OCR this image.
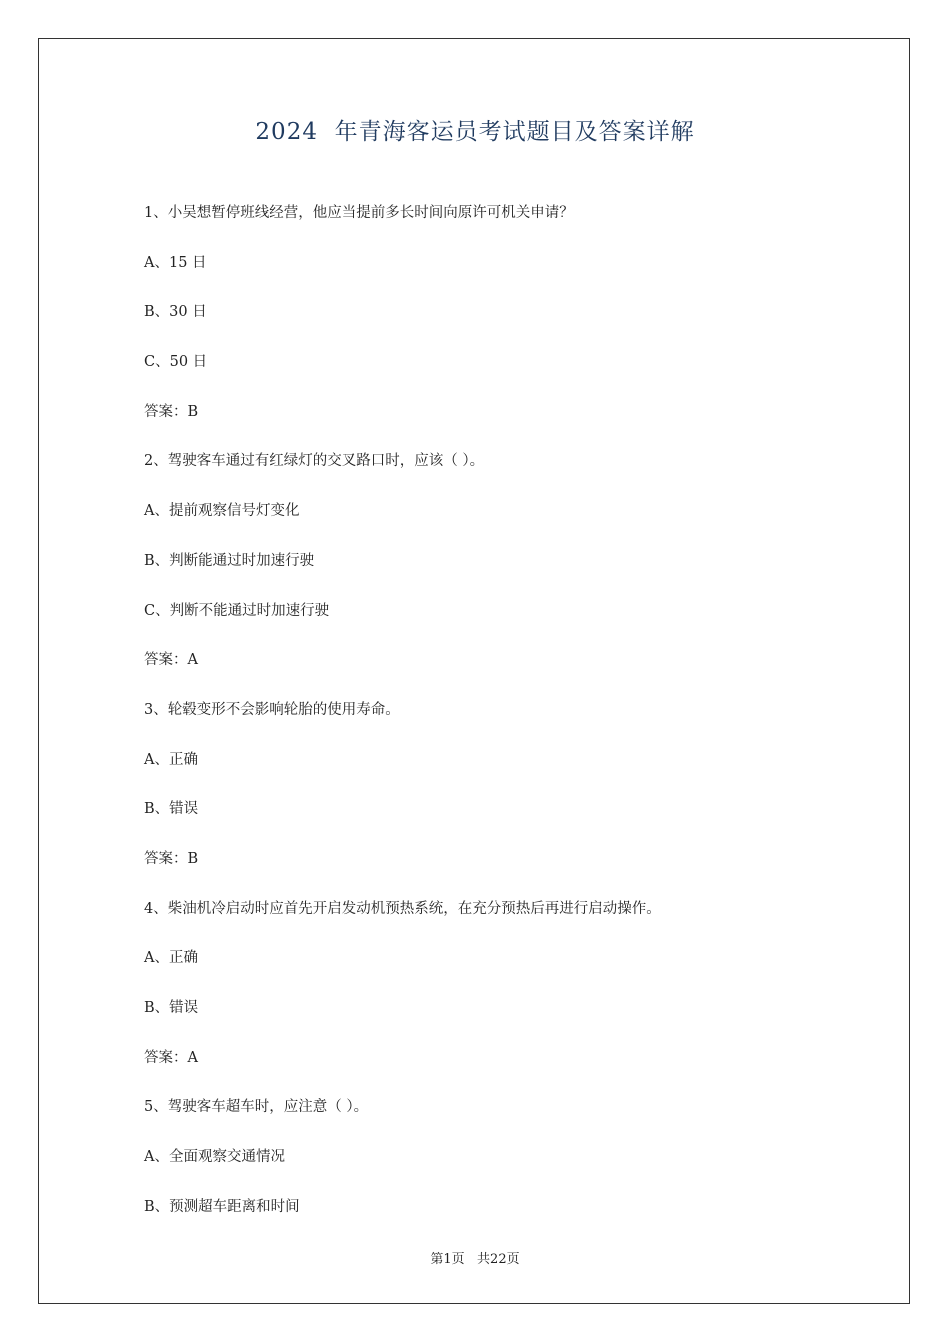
2024  年青海客运员考试题目及答案详解
1、小吴想暂停班线经营，他应当提前多长时间向原许可机关申请？
A、15 日
B、30 日
C、50 日
答案：B
2、驾驶客车通过有红绿灯的交叉路口时，应该（ ）。
A、提前观察信号灯变化
B、判断能通过时加速行驶
C、判断不能通过时加速行驶
答案：A
3、轮毂变形不会影响轮胎的使用寿命。
A、正确
B、错误
答案：B
4、柴油机冷启动时应首先开启发动机预热系统，在充分预热后再进行启动操作。
A、正确
B、错误
答案：A
5、驾驶客车超车时，应注意（ ）。
A、全面观察交通情况
B、预测超车距离和时间
第1页   共22页
